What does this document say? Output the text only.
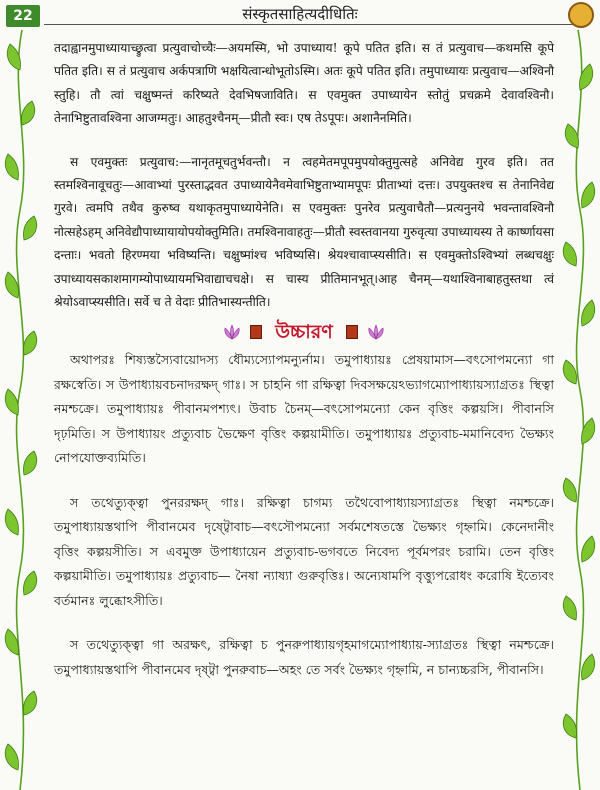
22	संस्कृतसाहित्यदीधितिः

तदाह्वानमुपाध्यायाच्छ्रुत्वा प्रत्युवाचोच्चैः—अयमस्मि, भो उपाध्याय! कूपे पतित इति। स तं प्रत्युवाच—कथमसि कूपे पतित इति। स तं प्रत्युवाच अर्कपत्राणि भक्षयित्वान्धोभूतोऽस्मि। अतः कूपे पतित इति। तमुपाध्यायः प्रत्युवाच—अश्विनौ स्तुहि। तौ त्वां चक्षुष्मन्तं करिष्यते देवभिषजाविति। स एवमुक्त उपाध्यायेन स्तोतुं प्रचक्रमे देवावश्विनौ। तेनाभिष्टुतावश्विना आजग्मतुः। आहतुश्चैनम्—प्रीतौ स्वः। एष तेऽपूपः। अशानैनमिति।

स एवमुक्तः प्रत्युवाच:—नानृतमूचतुर्भवन्तौ। न त्वहमेतमपूपमुपयोक्तुमुत्सहे अनिवेद्य गुरव इति। तत स्तमश्विनावूचतुः—आवाभ्यां पुरस्ताद्भवत उपाध्यायेनैवमेवाभिष्टुताभ्यामपूपः प्रीताभ्यां दत्तः। उपयुक्तश्च स तेनानिवेद्य गुरवे। त्वमपि तथैव कुरुष्व यथाकृतमुपाध्यायेनेति। स एवमुक्तः पुनरेव प्रत्युवाचैतौ—प्रत्यनुनये भवन्तावश्विनौ नोत्सहेऽहम् अनिवेद्यौपाध्यायायोपयोक्तुमिति। तमश्विनावाहतुः—प्रीतौ स्वस्तवानया गुरुवृत्या उपाध्यायस्य ते कार्ष्णायसा दन्ताः। भवतो हिरण्मया भविष्यन्ति। चक्षुष्मांश्च भविष्यसि। श्रेयश्चावाप्स्यसीति। स एवमुक्तोऽश्विभ्यां लब्धचक्षुः उपाध्यायसकाशमागम्योपाध्यायमभिवाद्याचचक्षे। स चास्य प्रीतिमानभूत्।आह चैनम्—यथाश्विनाबाहतुस्तथा त्वं श्रेयोऽवाप्स्यसीति। सर्वे च ते वेदाः प्रीतिभास्यन्तीति।

উচ্চারণ

অথাপরঃ শিষ্যস্তস্যৈবায়োদস্য ধৌম্যস্যোপমন্যুর্নাম। তমুপাধ্যায়ঃ প্রেষয়ামাস—বৎসোপমন্যো গা রক্ষস্বেতি। স উপাধ্যায়বচনাদরক্ষদ্ গাঃ। স চাহনি গা রক্ষিত্বা দিবসক্ষয়েঽভ্যাগম্যোপাধ্যায়স্যাগ্রতঃ স্থিত্বা নমশ্চক্রে। তমুপাধ্যায়ঃ পীবানমপশ্যৎ। উবাচ চৈনম্—বৎসোপমন্যো কেন বৃত্তিং কল্পয়সি। পীবানসি দৃঢ়মিতি। স উপাধ্যায়ং প্রত্যুবাচ ভৈক্ষেণ বৃত্তিং কল্পয়ামীতি। তমুপাধ্যায়ঃ প্রত্যুবাচ-মমানিবেদ্য ভৈক্ষ্যং নোপযোক্তব্যমিতি।

স তথেত্যুক্ত্বা পুনররক্ষদ্ গাঃ। রক্ষিত্বা চাগম্য তথৈবোপাধ্যায়স্যাগ্রতঃ স্থিত্বা নমশ্চক্রে। তমুপাধ্যায়স্তথাপি পীবানমেব দৃষ্ট্বোবাচ—বৎসৌপমন্যো সর্বমশেষতস্তে ভৈক্ষ্যং গৃহ্নামি। কেনেদানীং বৃত্তিং কল্পয়সীতি। স এবমুক্ত উপাধ্যায়েন প্রত্যুবাচ-ভগবতে নিবেদ্য পূর্বমপরং চরামি। তেন বৃত্তিং কল্পয়ামীতি। তমুপাধ্যায়ঃ প্রত্যুবাচ— নৈষা ন্যাষ্যা গুরুবৃত্তিঃ। অন্যেষামপি বৃত্ত্যুপরোধং করোষি ইত্যেবং বর্তমানঃ লুব্ধোঽসীতি।

স তথেত্যুক্ত্বা গা অরক্ষৎ, রক্ষিত্বা চ পুনরুপাধ্যায়গৃহমাগম্যোপাধ্যায়-স্যাগ্রতঃ স্থিত্বা নমশ্চক্রে। তমুপাধ্যায়স্তথাপি পীবানমেব দৃষ্ট্বা পুনরুবাচ—অহং তে সর্বং ভৈক্ষ্যং গৃহ্নামি, ন চান্যচ্চরসি, পীবানসি।
